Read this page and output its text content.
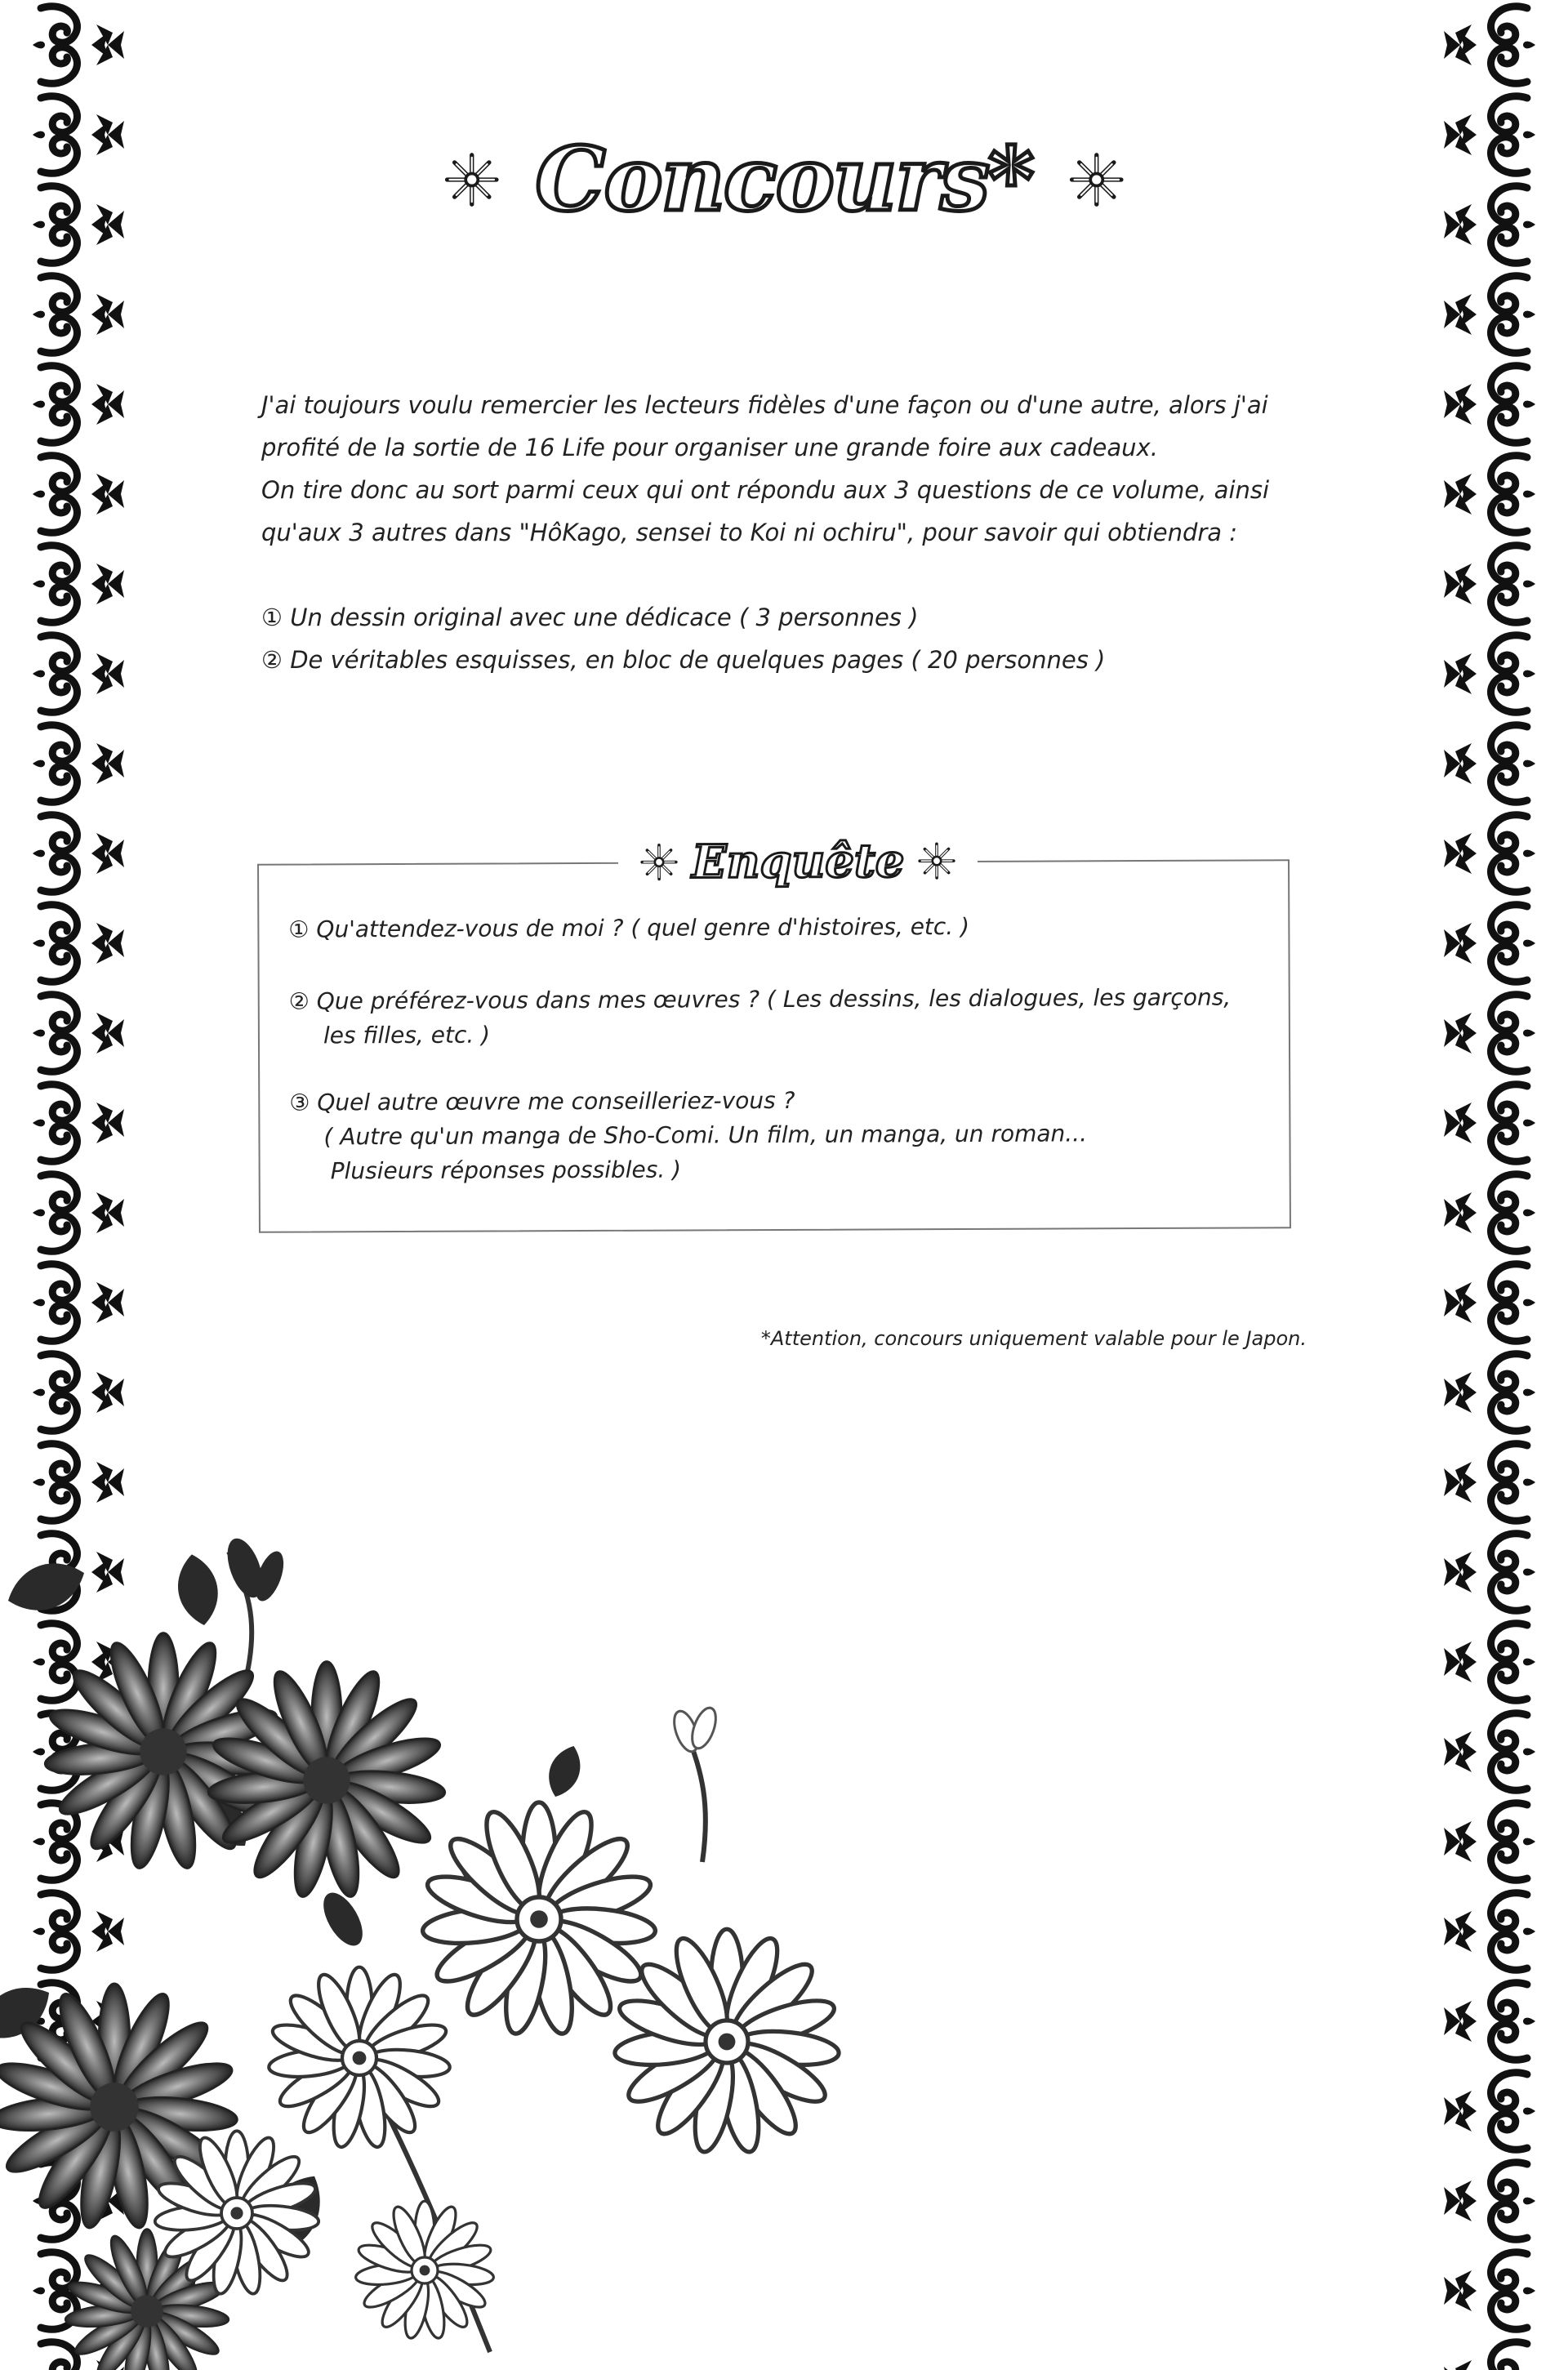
Concours*

J'ai toujours voulu remercier les lecteurs fidèles d'une façon ou d'une autre, alors j'ai

profité de la sortie de 16 Life pour organiser une grande foire aux cadeaux.

On tire donc au sort parmi ceux qui ont répondu aux 3 questions de ce volume, ainsi

qu'aux 3 autres dans "HôKago, sensei to Koi ni ochiru", pour savoir qui obtiendra :

① Un dessin original avec une dédicace ( 3 personnes )

② De véritables esquisses, en bloc de quelques pages ( 20 personnes )

Enquête

① Qu'attendez-vous de moi ? ( quel genre d'histoires, etc. )

② Que préférez-vous dans mes œuvres ? ( Les dessins, les dialogues, les garçons,

les filles, etc. )

③ Quel autre œuvre me conseilleriez-vous ?

( Autre qu'un manga de Sho-Comi. Un film, un manga, un roman...

Plusieurs réponses possibles. )

*Attention, concours uniquement valable pour le Japon.
